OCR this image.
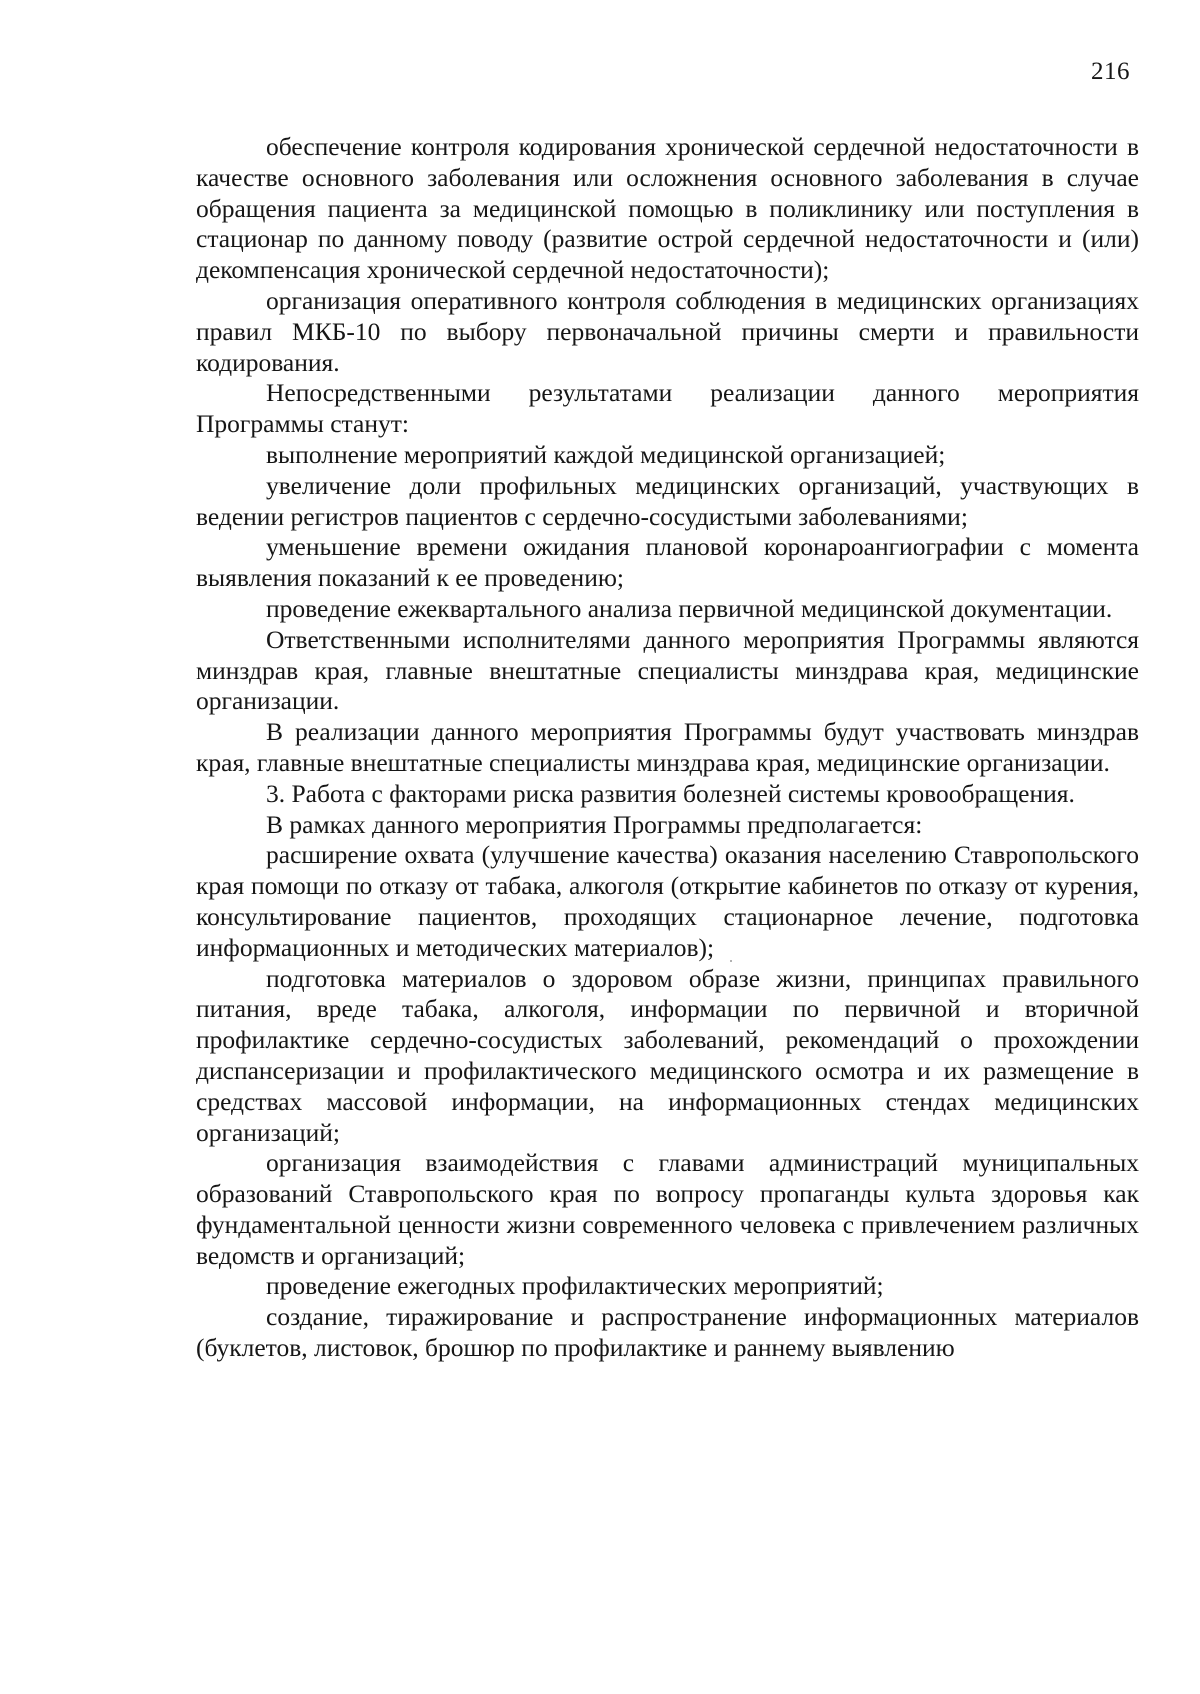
216

обеспечение контроля кодирования хронической сердечной недостаточности в качестве основного заболевания или осложнения основного заболевания в случае обращения пациента за медицинской помощью в поликлинику или поступления в стационар по данному поводу (развитие острой сердечной недостаточности и (или) декомпенсация хронической сердечной недостаточности);

организация оперативного контроля соблюдения в медицинских организациях правил МКБ-10 по выбору первоначальной причины смерти и правильности кодирования.

Непосредственными результатами реализации данного мероприятия Программы станут:

выполнение мероприятий каждой медицинской организацией;

увеличение доли профильных медицинских организаций, участвующих в ведении регистров пациентов с сердечно-сосудистыми заболеваниями;

уменьшение времени ожидания плановой коронароангиографии с момента выявления показаний к ее проведению;

проведение ежеквартального анализа первичной медицинской документации.

Ответственными исполнителями данного мероприятия Программы являются минздрав края, главные внештатные специалисты минздрава края, медицинские организации.

В реализации данного мероприятия Программы будут участвовать минздрав края, главные внештатные специалисты минздрава края, медицинские организации.

3. Работа с факторами риска развития болезней системы кровообращения.

В рамках данного мероприятия Программы предполагается:

расширение охвата (улучшение качества) оказания населению Ставропольского края помощи по отказу от табака, алкоголя (открытие кабинетов по отказу от курения, консультирование пациентов, проходящих стационарное лечение, подготовка информационных и методических материалов);

подготовка материалов о здоровом образе жизни, принципах правильного питания, вреде табака, алкоголя, информации по первичной и вторичной профилактике сердечно-сосудистых заболеваний, рекомендаций о прохождении диспансеризации и профилактического медицинского осмотра и их размещение в средствах массовой информации, на информационных стендах медицинских организаций;

организация взаимодействия с главами администраций муниципальных образований Ставропольского края по вопросу пропаганды культа здоровья как фундаментальной ценности жизни современного человека с привлечением различных ведомств и организаций;

проведение ежегодных профилактических мероприятий;

создание, тиражирование и распространение информационных материалов (буклетов, листовок, брошюр по профилактике и раннему выявлению
